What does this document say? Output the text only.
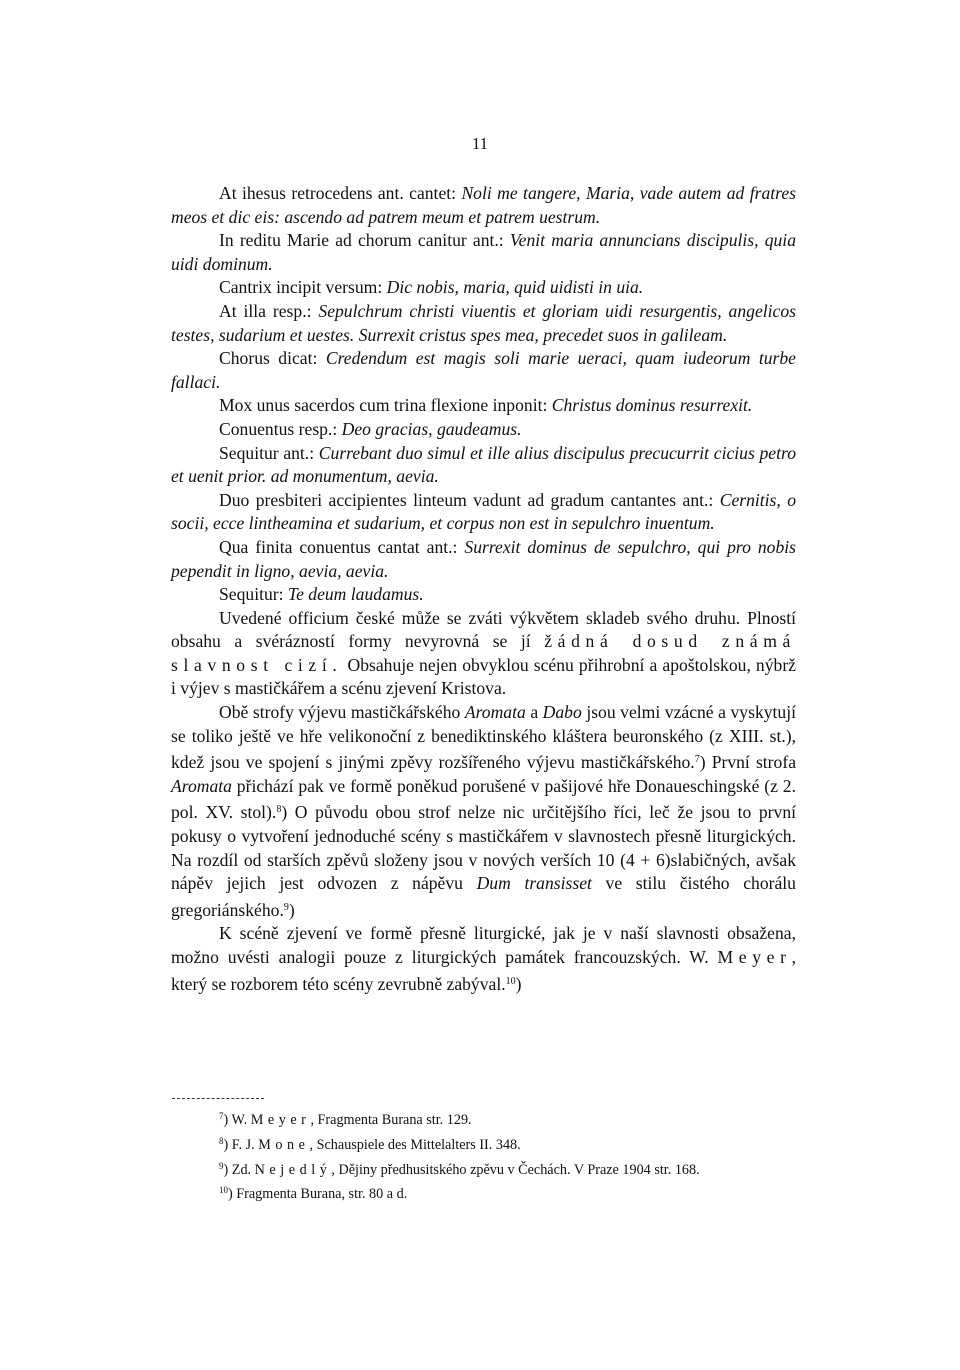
11

At ihesus retrocedens ant. cantet: Noli me tangere, Maria, vade autem ad fratres meos et dic eis: ascendo ad patrem meum et patrem uestrum.

In reditu Marie ad chorum canitur ant.: Venit maria annuncians discipulis, quia uidi dominum.

Cantrix incipit versum: Dic nobis, maria, quid uidisti in uia.

At illa resp.: Sepulchrum christi viuentis et gloriam uidi resurgentis, angelicos testes, sudarium et uestes. Surrexit cristus spes mea, precedet suos in galileam.

Chorus dicat: Credendum est magis soli marie ueraci, quam iudeorum turbe fallaci.

Mox unus sacerdos cum trina flexione inponit: Christus dominus resurrexit.

Conuentus resp.: Deo gracias, gaudeamus.

Sequitur ant.: Currebant duo simul et ille alius discipulus precucurrit cicius petro et uenit prior. ad monumentum, aevia.

Duo presbiteri accipientes linteum vadunt ad gradum cantantes ant.: Cernitis, o socii, ecce lintheamina et sudarium, et corpus non est in sepulchro inuentum.

Qua finita conuentus cantat ant.: Surrexit dominus de sepulchro, qui pro nobis pependit in ligno, aevia, aevia.

Sequitur: Te deum laudamus.

Uvedené officium české může se zváti výkvětem skladeb svého druhu. Plností obsahu a svérázností formy nevyrovná se jí žádná dosud známá slavnost cizí. Obsahuje nejen obvyklou scénu přihrobní a apoštolskou, nýbrž i výjev s mastičkářem a scénu zjevení Kristova.

Obě strofy výjevu mastičkářského Aromata a Dabo jsou velmi vzácné a vyskytují se toliko ještě ve hře velikonoční z benediktinského kláštera beuronského (z XIII. st.), kdež jsou ve spojení s jinými zpěvy rozšířeného výjevu mastičkářského.$^7$) První strofa Aromata přichází pak ve formě poněkud porušené v pašijové hře Donaueschingské (z 2. pol. XV. stol).$^8$) O původu obou strof nelze nic určitějšího říci, leč že jsou to první pokusy o vytvoření jednoduché scény s mastičkářem v slavnostech přesně liturgických. Na rozdíl od starších zpěvů složeny jsou v nových verších 10 (4 + 6)slabičných, avšak nápěv jejich jest odvozen z nápěvu Dum transisset ve stilu čistého chorálu gregoriánského.$^9$)

K scéně zjevení ve formě přesně liturgické, jak je v naší slavnosti obsažena, možno uvésti analogii pouze z liturgických památek francouzských. W. Meyer, který se rozborem této scény zevrubně zabýval.$^{10}$)

$^7$) W. Meyer, Fragmenta Burana str. 129.

$^8$) F. J. Mone, Schauspiele des Mittelalters II. 348.

$^9$) Zd. Nejedlý, Dějiny předhusitského zpěvu v Čechách. V Praze 1904 str. 168.

$^{10}$) Fragmenta Burana, str. 80 a d.
